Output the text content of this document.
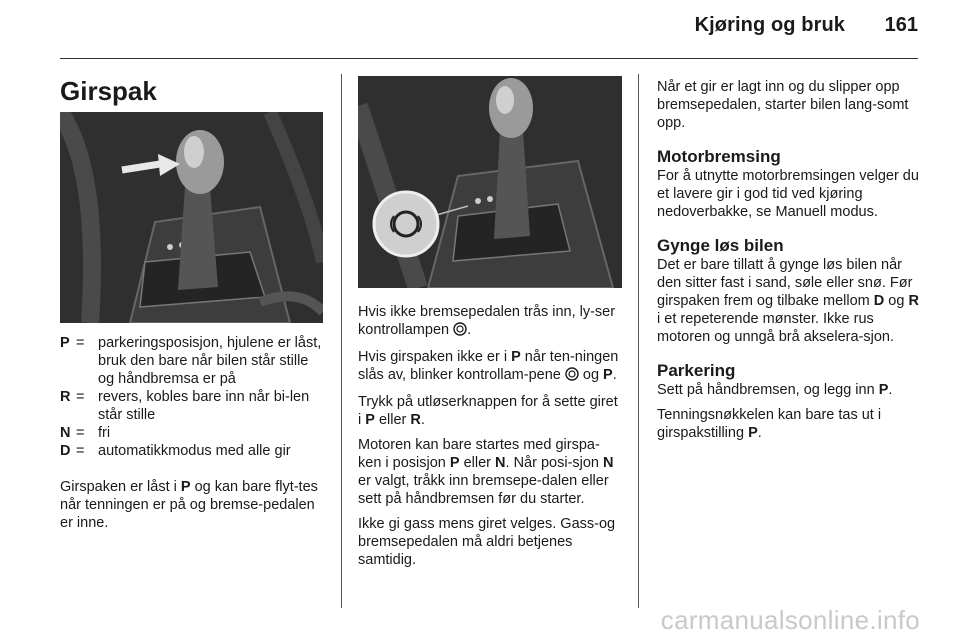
Kjøring og bruk 161
Girspak
P = parkeringsposisjon, hjulene er låst, bruk den bare når bilen står stille og håndbremsa er på
R = revers, kobles bare inn når bi-len står stille
N = fri
D = automatikkmodus med alle gir

Girspaken er låst i P og kan bare flyt-tes når tenningen er på og bremse-pedalen er inne.

Hvis ikke bremsepedalen trås inn, ly-ser kontrollampen .

Hvis girspaken ikke er i P når ten-ningen slås av, blinker kontrollam-pene  og P.

Trykk på utløserknappen for å sette giret i P eller R.

Motoren kan bare startes med girspa-ken i posisjon P eller N. Når posi-sjon N er valgt, tråkk inn bremsepe-dalen eller sett på håndbremsen før du starter.

Ikke gi gass mens giret velges. Gass-og bremsepedalen må aldri betjenes samtidig.

Når et gir er lagt inn og du slipper opp bremsepedalen, starter bilen lang-somt opp.

Motorbremsing

For å utnytte motorbremsingen velger du et lavere gir i god tid ved kjøring nedoverbakke, se Manuell modus.

Gynge løs bilen

Det er bare tillatt å gynge løs bilen når den sitter fast i sand, søle eller snø. Før girspaken frem og tilbake mellom D og R i et repeterende mønster. Ikke rus motoren og unngå brå akselera-sjon.

Parkering

Sett på håndbremsen, og legg inn P.

Tenningsnøkkelen kan bare tas ut i girspakstilling P.

carmanualsonline.info
